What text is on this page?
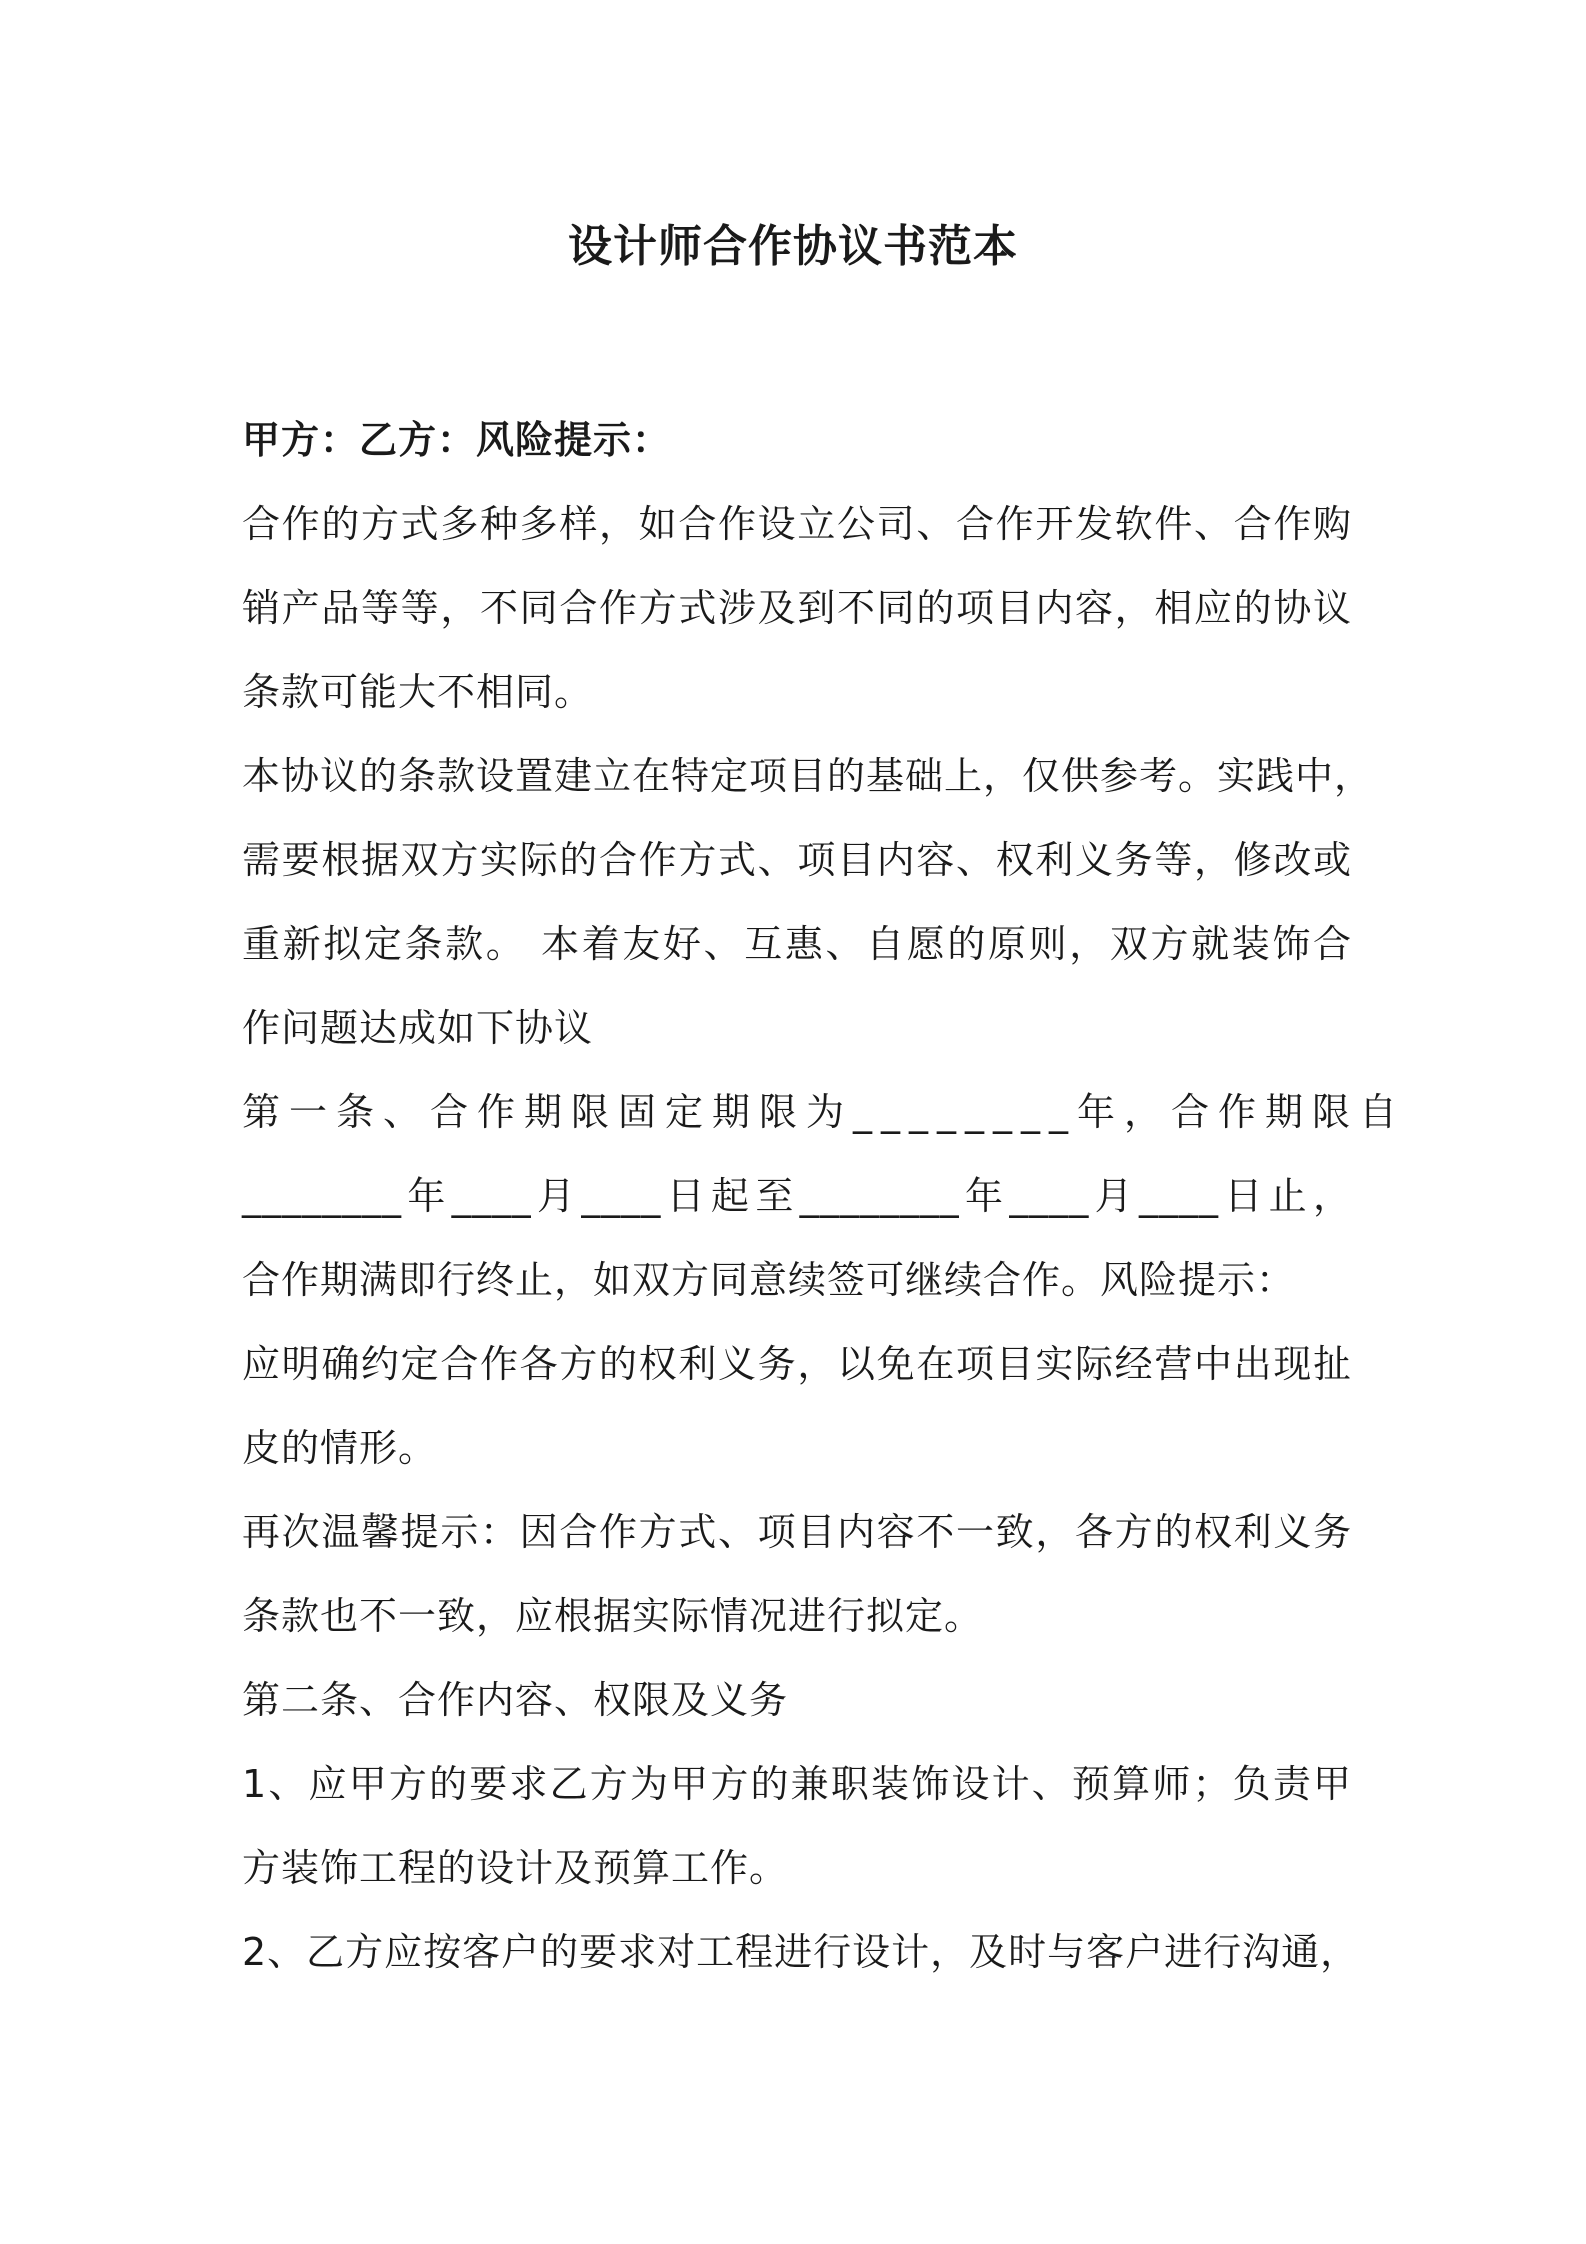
设计师合作协议书范本
甲方：乙方：风险提示：
合作的方式多种多样，如合作设立公司、合作开发软件、合作购
销产品等等，不同合作方式涉及到不同的项目内容，相应的协议
条款可能大不相同。
本协议的条款设置建立在特定项目的基础上，仅供参考。实践中，
需要根据双方实际的合作方式、项目内容、权利义务等，修改或
重新拟定条款。 本着友好、互惠、自愿的原则，双方就装饰合
作问题达成如下协议
第一条、合作期限固定期限为________年，合作期限自
________年____月____日起至________年____月____日止，
合作期满即行终止，如双方同意续签可继续合作。风险提示：
应明确约定合作各方的权利义务，以免在项目实际经营中出现扯
皮的情形。
再次温馨提示：因合作方式、项目内容不一致，各方的权利义务
条款也不一致，应根据实际情况进行拟定。
第二条、合作内容、权限及义务
1、应甲方的要求乙方为甲方的兼职装饰设计、预算师；负责甲
方装饰工程的设计及预算工作。
2、乙方应按客户的要求对工程进行设计，及时与客户进行沟通，
